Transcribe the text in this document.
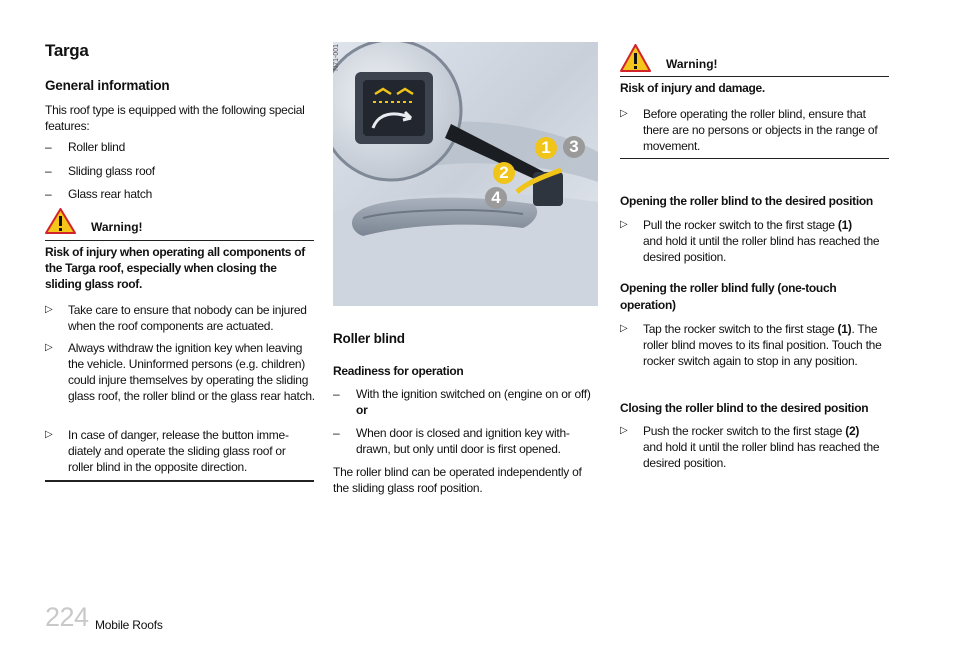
Targa
General information
This roof type is equipped with the following special features:
– Roller blind
– Sliding glass roof
– Glass rear hatch
Warning!
Risk of injury when operating all components of the Targa roof, especially when closing the sliding glass roof.
▷ Take care to ensure that nobody can be injured when the roof components are actuated.
▷ Always withdraw the ignition key when leaving the vehicle. Uninformed persons (e.g. children) could injure themselves by operating the sliding glass roof, the roller blind or the glass rear hatch.
▷ In case of danger, release the button imme-diately and operate the sliding glass roof or roller blind in the opposite direction.
1
2
3
4
N71-001
Roller blind
Readiness for operation
– With the ignition switched on (engine on or off)
or
– When door is closed and ignition key with-drawn, but only until door is first opened.
The roller blind can be operated independently of the sliding glass roof position.
Warning!
Risk of injury and damage.
▷ Before operating the roller blind, ensure that there are no persons or objects in the range of movement.
Opening the roller blind to the desired position
▷ Pull the rocker switch to the first stage (1)
and hold it until the roller blind has reached the desired position.
Opening the roller blind fully (one-touch operation)
▷ Tap the rocker switch to the first stage (1). The roller blind moves to its final position. Touch the rocker switch again to stop in any position.
Closing the roller blind to the desired position
▷ Push the rocker switch to the first stage (2)
and hold it until the roller blind has reached the desired position.
224 Mobile Roofs
